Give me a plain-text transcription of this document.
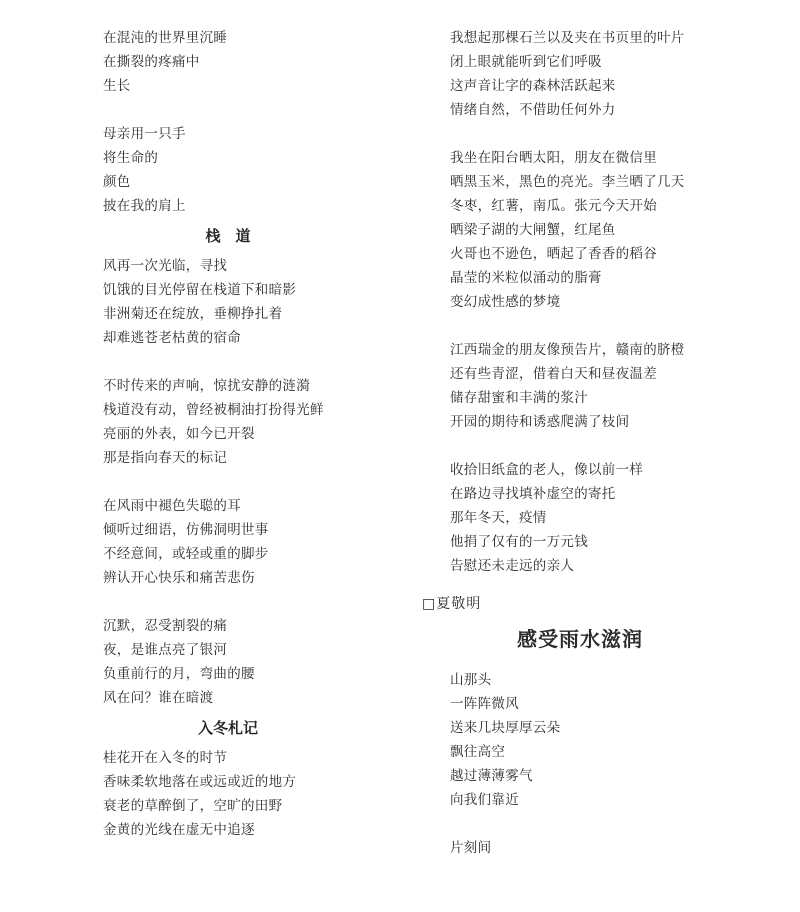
在混沌的世界里沉睡
在撕裂的疼痛中
生长
母亲用一只手
将生命的
颜色
披在我的肩上
栈　道
风再一次光临，寻找
饥饿的目光停留在栈道下和暗影
非洲菊还在绽放，垂柳挣扎着
却难逃苍老枯黄的宿命
不时传来的声响，惊扰安静的涟漪
栈道没有动，曾经被桐油打扮得光鲜
亮丽的外表，如今已开裂
那是指向春天的标记
在风雨中褪色失聪的耳
倾听过细语，仿佛洞明世事
不经意间，或轻或重的脚步
辨认开心快乐和痛苦悲伤
沉默，忍受割裂的痛
夜，是谁点亮了银河
负重前行的月，弯曲的腰
风在问？谁在暗渡
入冬札记
桂花开在入冬的时节
香味柔软地落在或远或近的地方
衰老的草醉倒了，空旷的田野
金黄的光线在虚无中追逐
我想起那棵石兰以及夹在书页里的叶片
闭上眼就能听到它们呼吸
这声音让字的森林活跃起来
情绪自然，不借助任何外力
我坐在阳台晒太阳，朋友在微信里
晒黑玉米，黑色的亮光。李兰晒了几天
冬枣，红薯，南瓜。张元今天开始
晒梁子湖的大闸蟹，红尾鱼
火哥也不逊色，晒起了香香的稻谷
晶莹的米粒似涌动的脂膏
变幻成性感的梦境
江西瑞金的朋友像预告片，赣南的脐橙
还有些青涩，借着白天和昼夜温差
储存甜蜜和丰满的浆汁
开园的期待和诱惑爬满了枝间
收拾旧纸盒的老人，像以前一样
在路边寻找填补虚空的寄托
那年冬天，疫情
他捐了仅有的一万元钱
告慰还未走远的亲人
□夏敬明
感受雨水滋润
山那头
一阵阵微风
送来几块厚厚云朵
飘往高空
越过薄薄雾气
向我们靠近
片刻间
